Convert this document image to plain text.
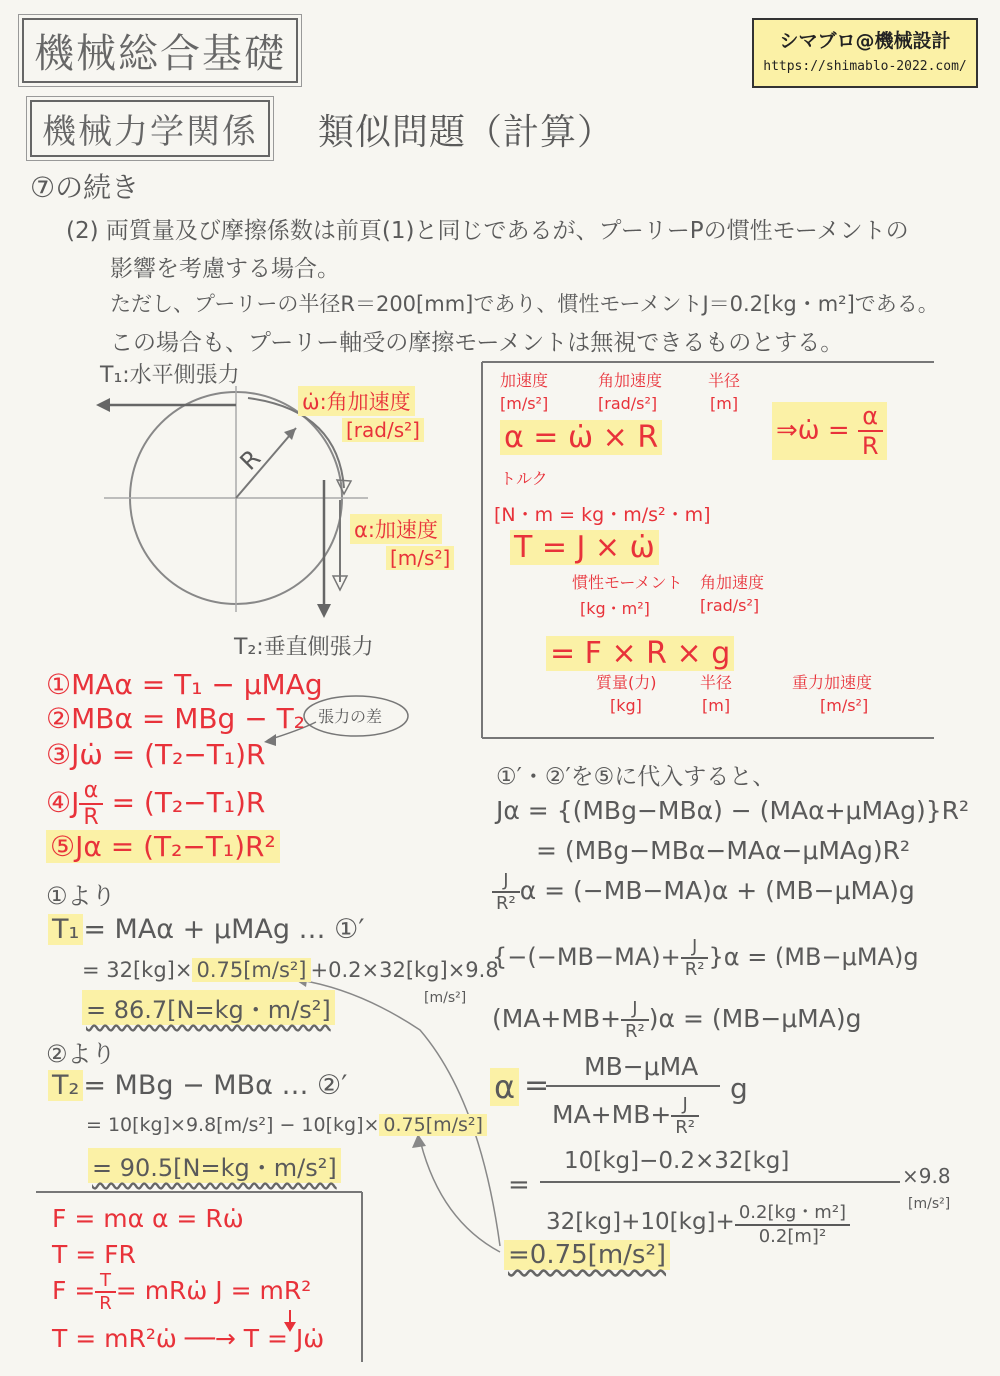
機械総合基礎
機械力学関係	類似問題（計算）
シマブロ@機械設計
https://shimablo-2022.com/
⑦の続き
(2) 両質量及び摩擦係数は前頁(1)と同じであるが、プーリーPの慣性モーメントの
影響を考慮する場合。
ただし、プーリーの半径R＝200[mm]であり、慣性モーメントJ＝0.2[kg・m²]である。
この場合も、プーリー軸受の摩擦モーメントは無視できるものとする。
T₁:水平側張力
T₂:垂直側張力
R
ω̇:角加速度
[rad/s²]
α:加速度
[m/s²]
①MAα = T₁ − μMAg
②MBα = MBg − T₂ 張力の差
③Jω̇ = (T₂−T₁)R
④J $\frac{\alpha}{R} = (T_2-T_1)R$
⑤Jα = (T₂−T₁)R²
加速度	角加速度	半径
[m/s²]	[rad/s²]	[m]
α = ω̇ × R	⇒ω̇ = $\frac{\alpha}{R}$
トルク
[N・m = kg・m/s²・m]
T = J × ω̇
慣性モーメント 角加速度
[kg・m²]	[rad/s²]
= F × R × g
質量(力)	半径	重力加速度
[kg]	[m]	[m/s²]
①より
T₁ = MAα + μMAg … ①′
= 32[kg]× 0.75[m/s²] +0.2×32[kg]×9.8
[m/s²]
= 86.7[N=kg・m/s²]
②より
T₂ = MBg − MBα … ②′
= 10[kg]×9.8[m/s²] − 10[kg]× 0.75[m/s²]
= 90.5[N=kg・m/s²]
①′・②′を⑤に代入すると、
Jα = {(MBg−MBα) − (MAα+μMAg)}R²
= (MBg−MBα−MAα−μMAg)R²
$\frac{J}{\text{R²}}$ α = (−MB−MA)α + (MB−μMA)g
$\{-(-MB-MA)+ \frac{J}{\text{R²}} \}\alpha = (MB-\mu MA)g$
$(MA+MB+ \frac{J}{\text{R²}} )\alpha = (MB-\mu MA)g$
α =
MB−μMA
$MA+MB+ \frac{J}{\text{R²}}$
g
=
10[kg]−0.2×32[kg]
$32[kg]+10[kg]+ \frac{\text{0.2[kg・m²]}}{\text{0.2[m]²}}$
×9.8
[m/s²]
=0.75[m/s²]
F = mα α = Rω̇
T = FR
$F = \frac{T}{R}$ = mRω̇ J = mR²
T = mR²ω̇ ──→ T = Jω̇
